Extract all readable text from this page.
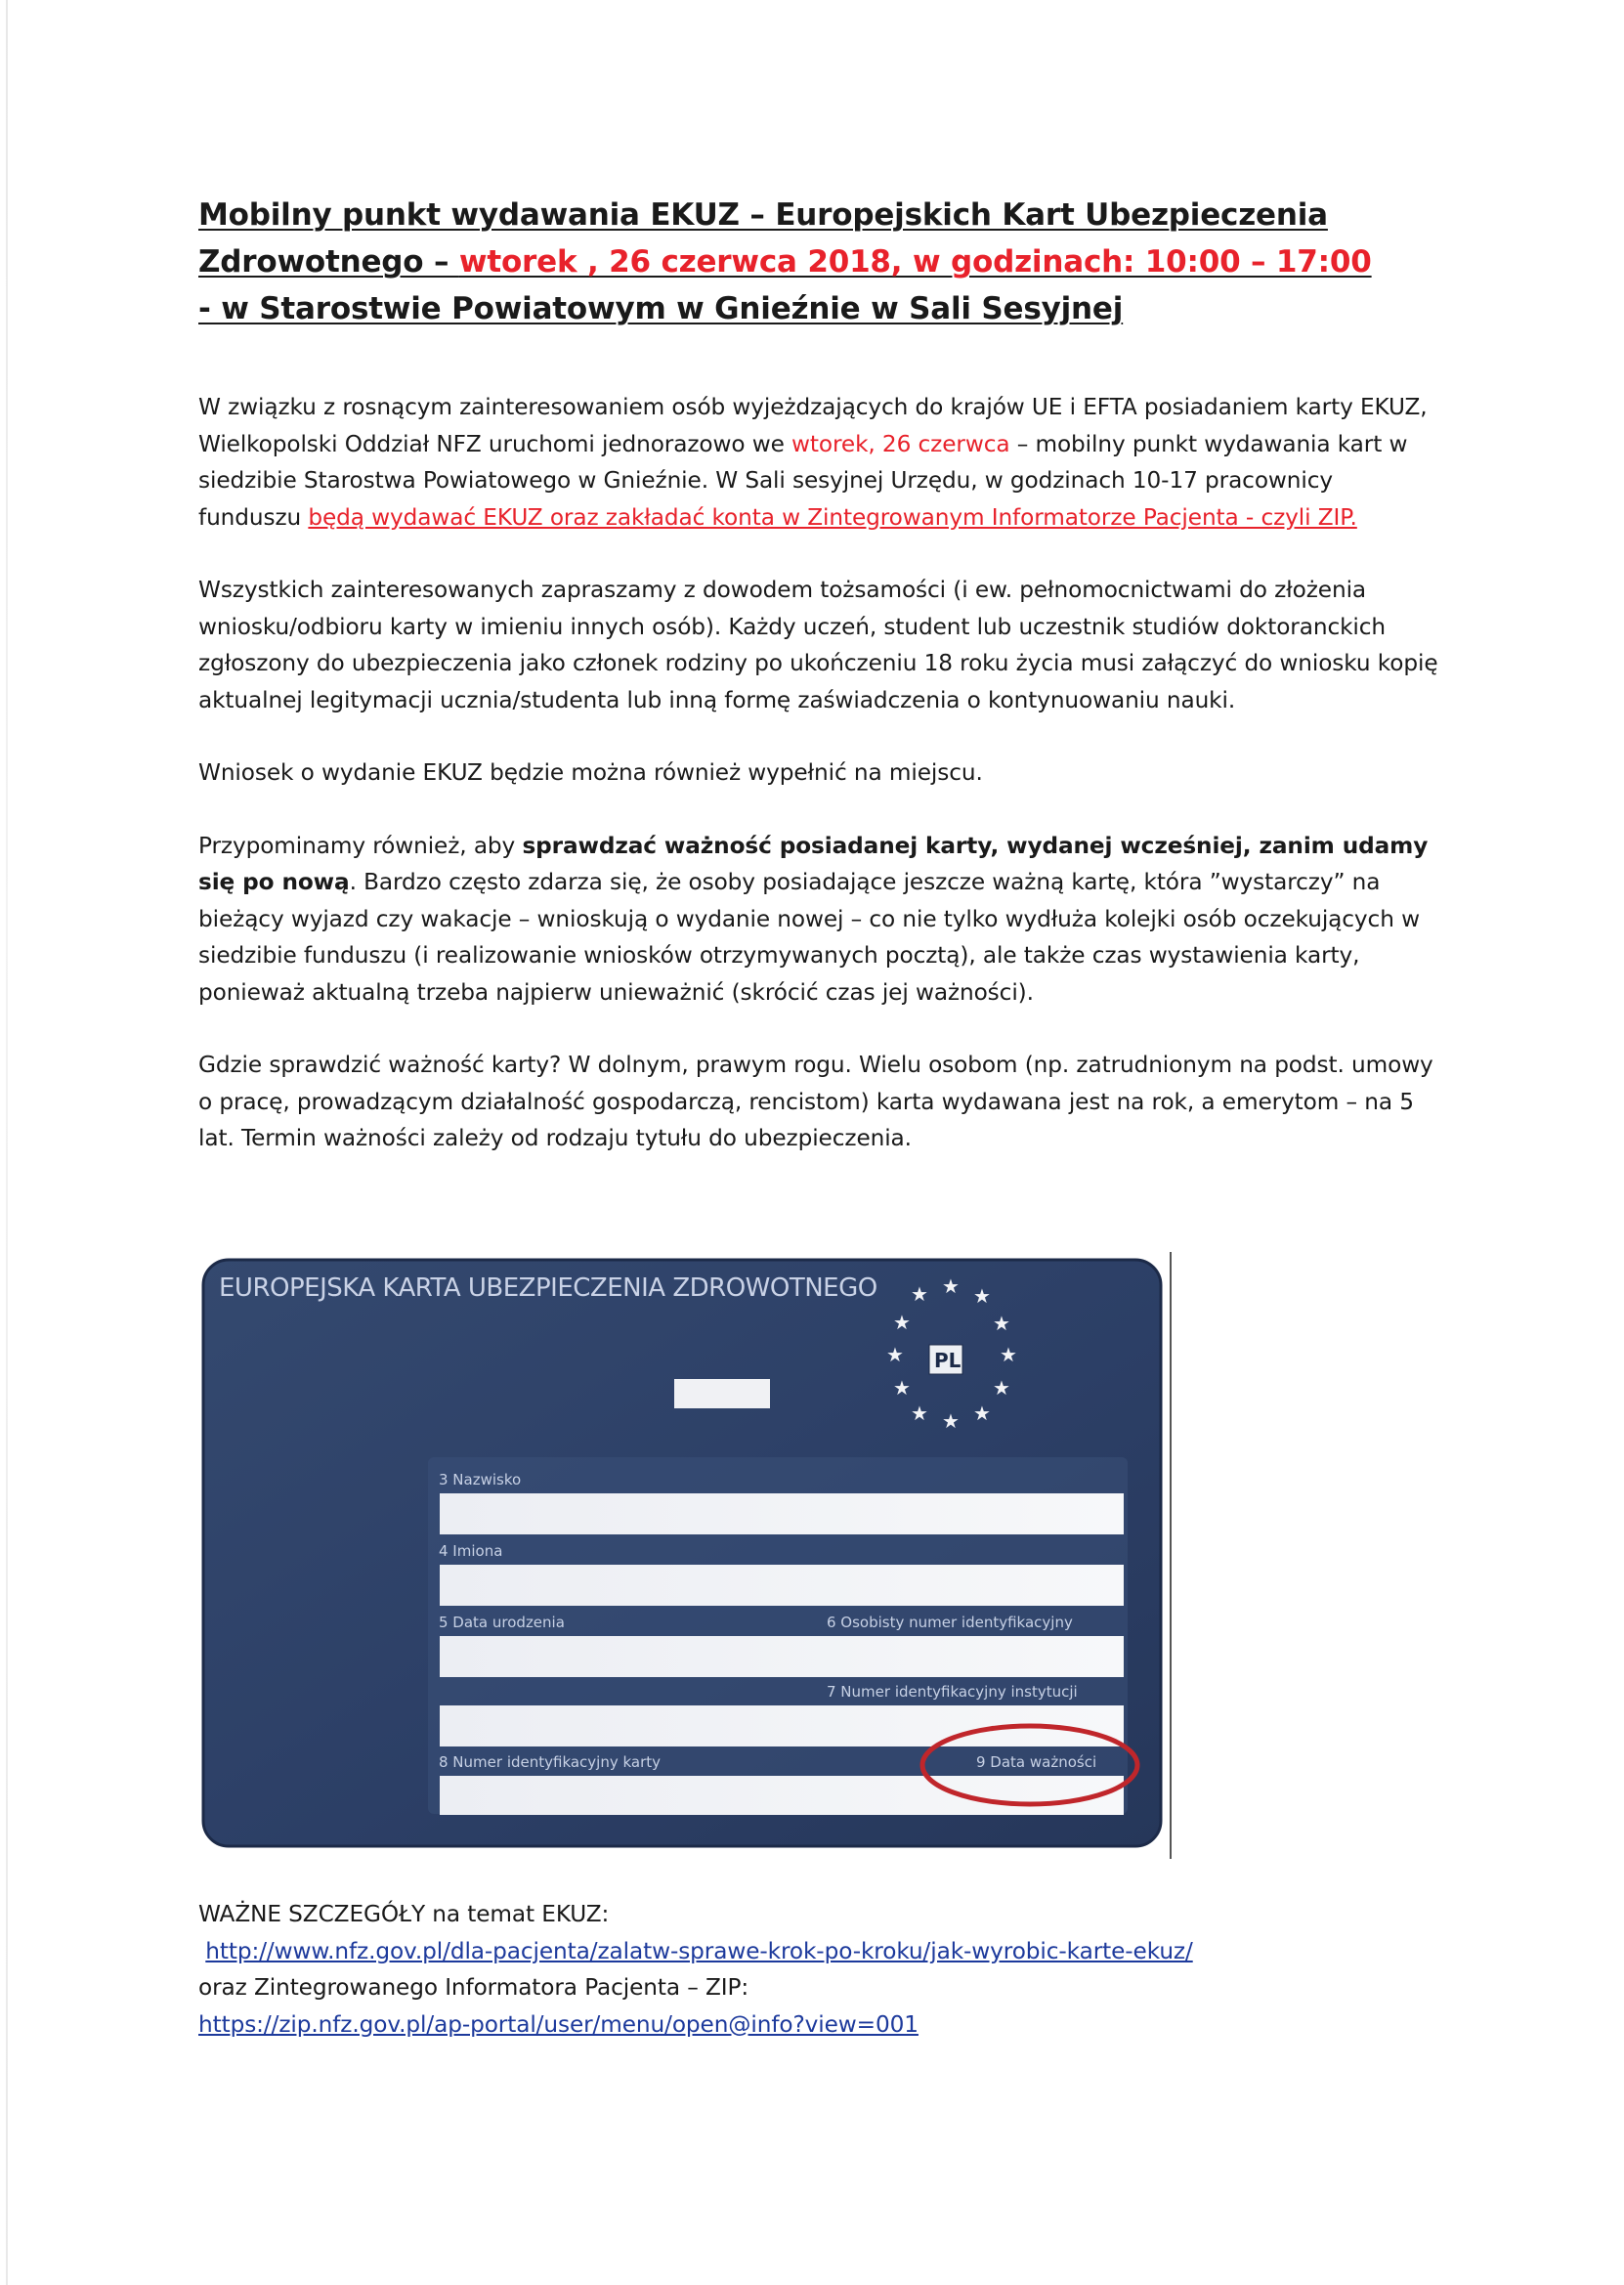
Mobilny punkt wydawania EKUZ – Europejskich Kart Ubezpieczenia
Zdrowotnego – wtorek , 26 czerwca 2018, w godzinach: 10:00 – 17:00
- w Starostwie Powiatowym w Gnieźnie w Sali Sesyjnej

W związku z rosnącym zainteresowaniem osób wyjeżdzających do krajów UE i EFTA posiadaniem karty EKUZ, Wielkopolski Oddział NFZ uruchomi jednorazowo we wtorek, 26 czerwca – mobilny punkt wydawania kart w siedzibie Starostwa Powiatowego w Gnieźnie. W Sali sesyjnej Urzędu, w godzinach 10-17 pracownicy funduszu będą wydawać EKUZ oraz zakładać konta w Zintegrowanym Informatorze Pacjenta - czyli ZIP.

Wszystkich zainteresowanych zapraszamy z dowodem tożsamości (i ew. pełnomocnictwami do złożenia wniosku/odbioru karty w imieniu innych osób). Każdy uczeń, student lub uczestnik studiów doktoranckich zgłoszony do ubezpieczenia jako członek rodziny po ukończeniu 18 roku życia musi załączyć do wniosku kopię aktualnej legitymacji ucznia/studenta lub inną formę zaświadczenia o kontynuowaniu nauki.

Wniosek o wydanie EKUZ będzie można również wypełnić na miejscu.

Przypominamy również, aby sprawdzać ważność posiadanej karty, wydanej wcześniej, zanim udamy się po nową. Bardzo często zdarza się, że osoby posiadające jeszcze ważną kartę, która ”wystarczy” na bieżący wyjazd czy wakacje – wnioskują o wydanie nowej – co nie tylko wydłuża kolejki osób oczekujących w siedzibie funduszu (i realizowanie wniosków otrzymywanych pocztą), ale także czas wystawienia karty, ponieważ aktualną trzeba najpierw unieważnić (skrócić czas jej ważności).

Gdzie sprawdzić ważność karty? W dolnym, prawym rogu. Wielu osobom (np. zatrudnionym na podst. umowy o pracę, prowadzącym działalność gospodarczą, rencistom) karta wydawana jest na rok, a emerytom – na 5 lat. Termin ważności zależy od rodzaju tytułu do ubezpieczenia.

EUROPEJSKA KARTA UBEZPIECZENIA ZDROWOTNEGO ★ ★ ★
★	★
★	★
★	★
★ ★ ★
PL
3 Nazwisko
4 Imiona
5 Data urodzenia	6 Osobisty numer identyfikacyjny
7 Numer identyfikacyjny instytucji
8 Numer identyfikacyjny karty	9 Data ważności

WAŻNE SZCZEGÓŁY na temat EKUZ:

http://www.nfz.gov.pl/dla-pacjenta/zalatw-sprawe-krok-po-kroku/jak-wyrobic-karte-ekuz/

oraz Zintegrowanego Informatora Pacjenta – ZIP:

https://zip.nfz.gov.pl/ap-portal/user/menu/open@info?view=001
